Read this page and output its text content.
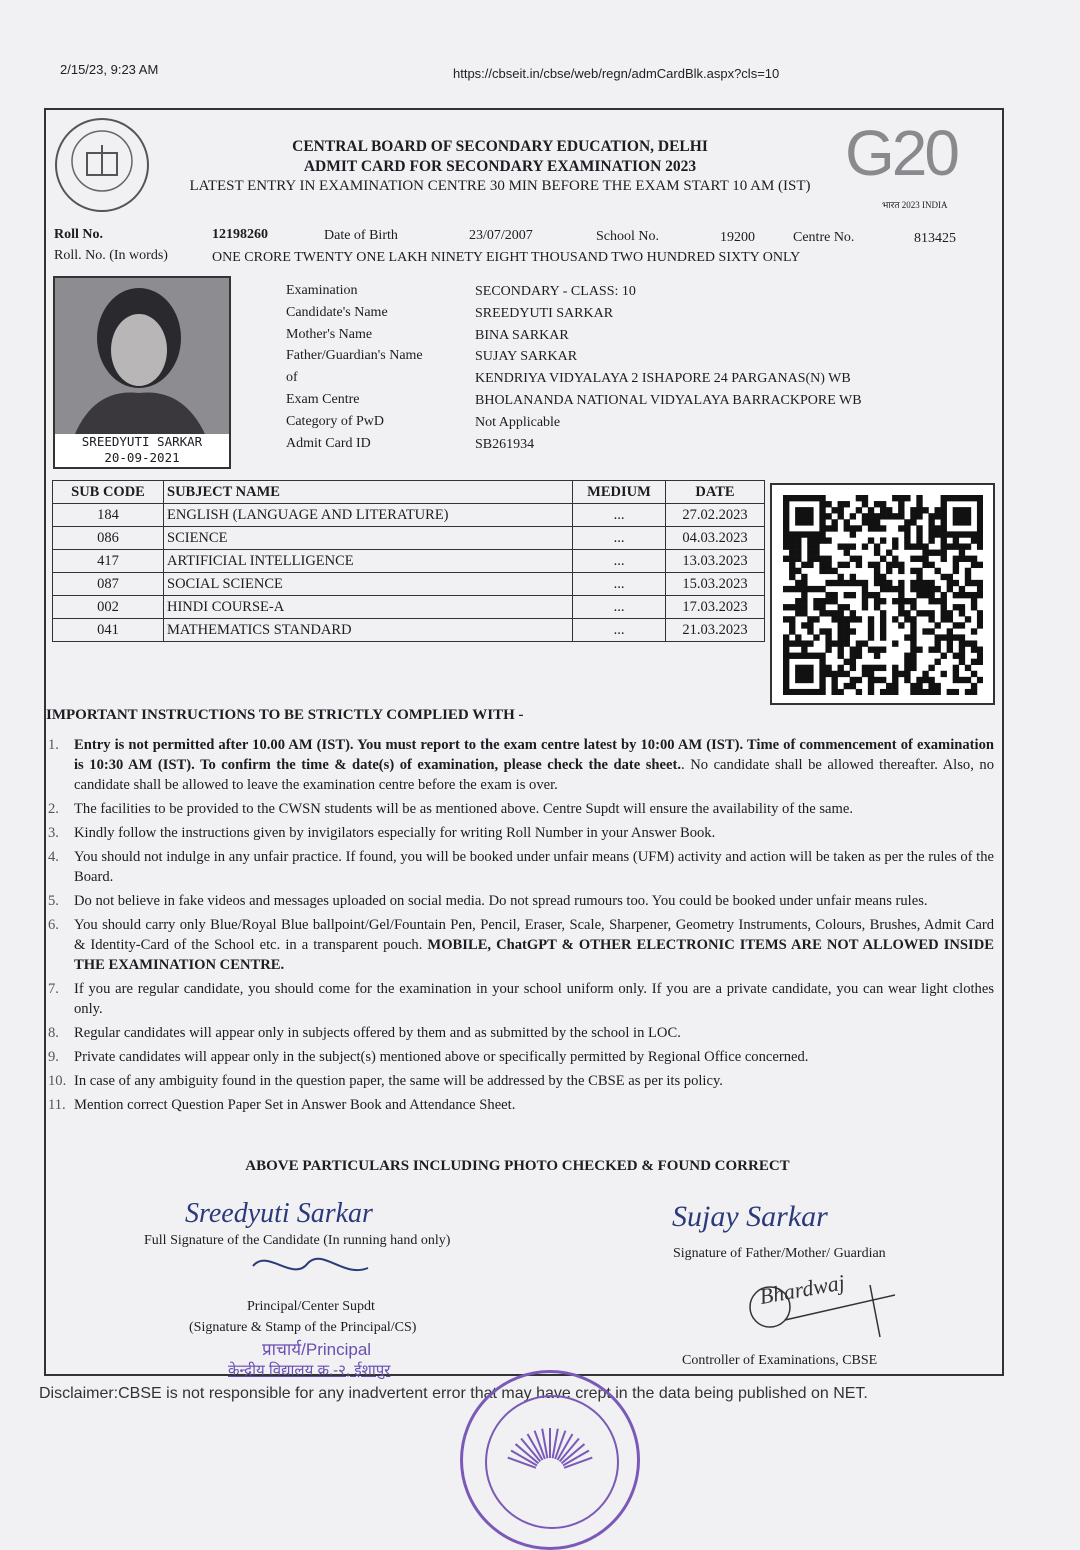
2/15/23, 9:23 AM	https://cbseit.in/cbse/web/regn/admCardBlk.aspx?cls=10
CENTRAL BOARD OF SECONDARY EDUCATION, DELHI
ADMIT CARD FOR SECONDARY EXAMINATION 2023
LATEST ENTRY IN EXAMINATION CENTRE 30 MIN BEFORE THE EXAM START 10 AM (IST) G20
भारत 2023 INDIA
Roll No.	12198260	Date of Birth	23/07/2007	School No.	19200	Centre No.	813425
Roll. No. (In words)	ONE CRORE TWENTY ONE LAKH NINETY EIGHT THOUSAND TWO HUNDRED SIXTY ONLY
SREEDYUTI SARKAR
20-09-2021
Examination	SECONDARY - CLASS: 10
Candidate's Name	SREEDYUTI SARKAR
Mother's Name	BINA SARKAR
Father/Guardian's Name	SUJAY SARKAR
of	KENDRIYA VIDYALAYA 2 ISHAPORE 24 PARGANAS(N) WB
Exam Centre	BHOLANANDA NATIONAL VIDYALAYA BARRACKPORE WB
Category of PwD	Not Applicable
Admit Card ID	SB261934
SUB CODE	SUBJECT NAME	MEDIUM	DATE
184	ENGLISH (LANGUAGE AND LITERATURE)	...	27.02.2023
086	SCIENCE	...	04.03.2023
417	ARTIFICIAL INTELLIGENCE	...	13.03.2023
087	SOCIAL SCIENCE	...	15.03.2023
002	HINDI COURSE-A	...	17.03.2023
041	MATHEMATICS STANDARD	...	21.03.2023
IMPORTANT INSTRUCTIONS TO BE STRICTLY COMPLIED WITH -
1. Entry is not permitted after 10.00 AM (IST). You must report to the exam centre latest by 10:00 AM (IST). Time of commencement of examination is 10:30 AM (IST). To confirm the time & date(s) of examination, please check the date sheet.. No candidate shall be allowed thereafter. Also, no candidate shall be allowed to leave the examination centre before the exam is over.
2. The facilities to be provided to the CWSN students will be as mentioned above. Centre Supdt will ensure the availability of the same.
3. Kindly follow the instructions given by invigilators especially for writing Roll Number in your Answer Book.
4. You should not indulge in any unfair practice. If found, you will be booked under unfair means (UFM) activity and action will be taken as per the rules of the Board.
5. Do not believe in fake videos and messages uploaded on social media. Do not spread rumours too. You could be booked under unfair means rules.
6. You should carry only Blue/Royal Blue ballpoint/Gel/Fountain Pen, Pencil, Eraser, Scale, Sharpener, Geometry Instruments, Colours, Brushes, Admit Card & Identity-Card of the School etc. in a transparent pouch. MOBILE, ChatGPT & OTHER ELECTRONIC ITEMS ARE NOT ALLOWED INSIDE THE EXAMINATION CENTRE.
7. If you are regular candidate, you should come for the examination in your school uniform only. If you are a private candidate, you can wear light clothes only.
8. Regular candidates will appear only in subjects offered by them and as submitted by the school in LOC.
9. Private candidates will appear only in the subject(s) mentioned above or specifically permitted by Regional Office concerned.
10. In case of any ambiguity found in the question paper, the same will be addressed by the CBSE as per its policy.
11. Mention correct Question Paper Set in Answer Book and Attendance Sheet.
ABOVE PARTICULARS INCLUDING PHOTO CHECKED & FOUND CORRECT
Sreedyuti Sarkar
Full Signature of the Candidate (In running hand only)
Sujay Sarkar
Signature of Father/Mother/ Guardian
Principal/Center Supdt
(Signature & Stamp of the Principal/CS)
प्राचार्य/Principal
केन्द्रीय विद्यालय क्र.-२, ईशापुर
Bhardwaj
Controller of Examinations, CBSE
Disclaimer:CBSE is not responsible for any inadvertent error that may have crept in the data being published on NET.
